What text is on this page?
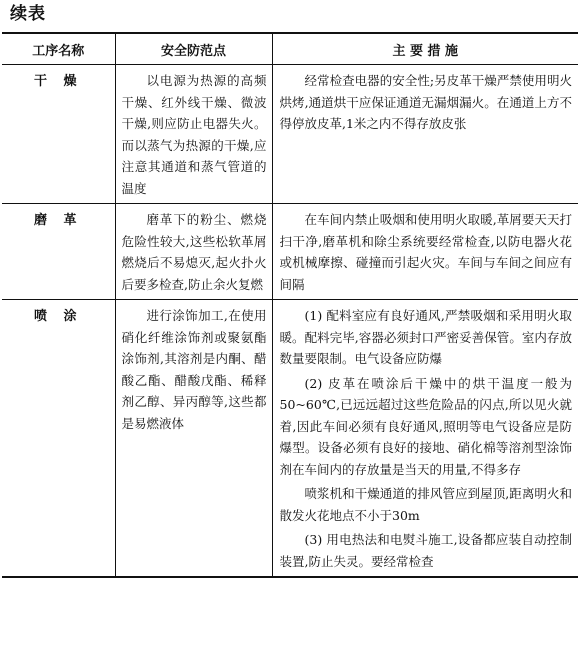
续表
工序名称	安全防范点	主 要 措 施
干 燥	以电源为热源的高频干燥、红外线干燥、微波干燥,则应防止电器失火。而以蒸气为热源的干燥,应注意其通道和蒸气管道的温度	经常检查电器的安全性;另皮革干燥严禁使用明火烘烤,通道烘干应保证通道无漏烟漏火。在通道上方不得停放皮革,1米之内不得存放皮张

磨 革	磨革下的粉尘、燃烧危险性较大,这些松软革屑燃烧后不易熄灭,起火扑火后要多检查,防止余火复燃	在车间内禁止吸烟和使用明火取暖,革屑要天天打扫干净,磨革机和除尘系统要经常检查,以防电器火花或机械摩擦、碰撞而引起火灾。车间与车间之间应有间隔

喷 涂	进行涂饰加工,在使用硝化纤维涂饰剂或聚氨酯涂饰剂,其溶剂是内酮、醋酸乙酯、醋酸戊酯、稀释剂乙醇、异丙醇等,这些都是易燃液体	(1) 配料室应有良好通风,严禁吸烟和采用明火取暖。配料完毕,容器必须封口严密妥善保管。室内存放数量要限制。电气设备应防爆

(2) 皮革在喷涂后干燥中的烘干温度一般为50~60℃,已远远超过这些危险品的闪点,所以见火就着,因此车间必须有良好通风,照明等电气设备应是防爆型。设备必须有良好的接地、硝化棉等溶剂型涂饰剂在车间内的存放量是当天的用量,不得多存

喷浆机和干燥通道的排风管应到屋顶,距离明火和散发火花地点不小于30m

(3) 用电热法和电熨斗施工,设备都应装自动控制装置,防止失灵。要经常检查
